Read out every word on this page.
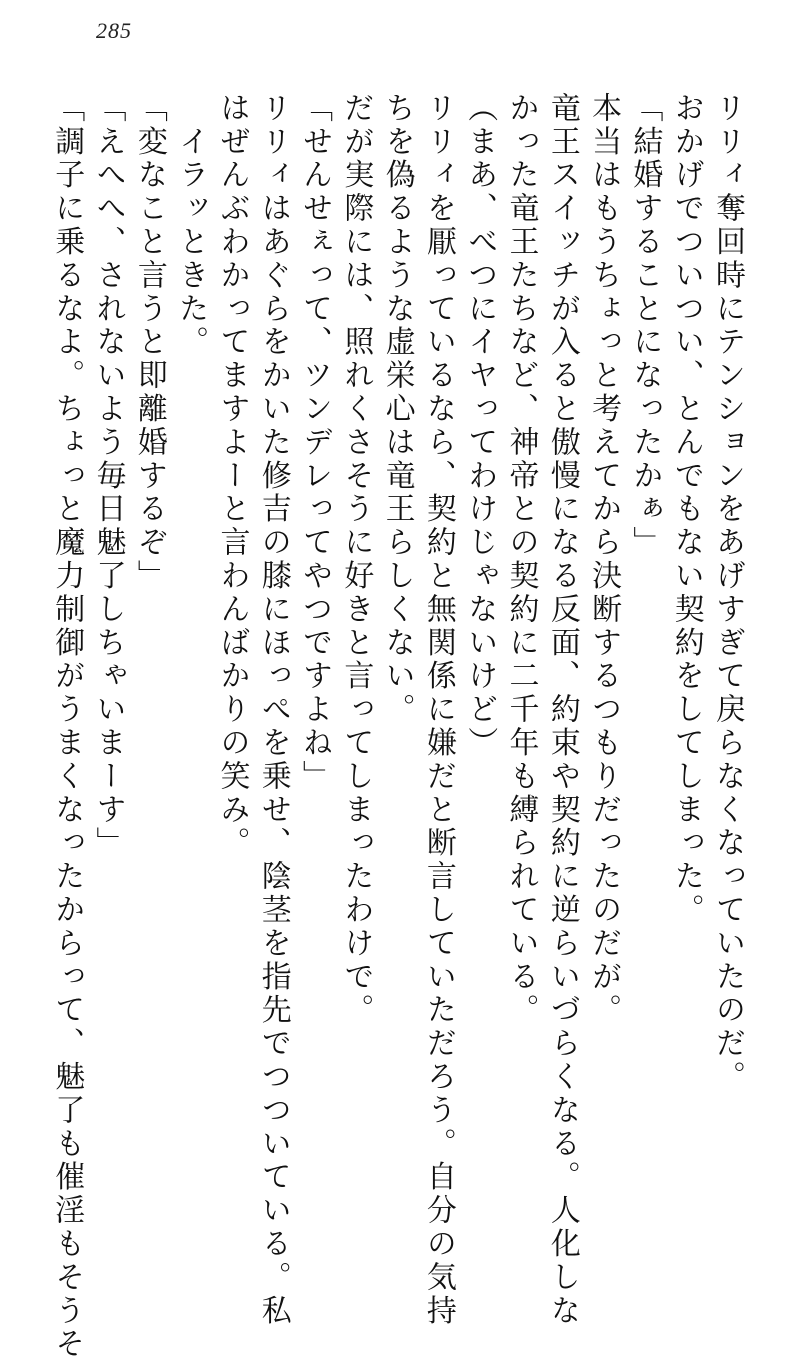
285
リリィ奪回時にテンションをあげすぎて戻らなくなっていたのだ。
おかげでついつい、とんでもない契約をしてしまった。
「結婚することになったかぁ」
本当はもうちょっと考えてから決断するつもりだったのだが。
竜王スイッチが入ると傲慢になる反面、約束や契約に逆らいづらくなる。人化しな
かった竜王たちなど、神帝との契約に二千年も縛られている。
（まあ、べつにイヤってわけじゃないけど）
リリィを厭っているなら、契約と無関係に嫌だと断言していただろう。自分の気持
ちを偽るような虚栄心は竜王らしくない。
だが実際には、照れくさそうに好きと言ってしまったわけで。
「せんせぇって、ツンデレってやつですよね」
リリィはあぐらをかいた修吉の膝にほっぺを乗せ、陰茎を指先でつついている。私
はぜんぶわかってますよーと言わんばかりの笑み。
　イラッときた。
「変なこと言うと即離婚するぞ」
「えへへ、されないよう毎日魅了しちゃいまーす」
「調子に乗るなよ。ちょっと魔力制御がうまくなったからって、魅了も催淫もそうそ
